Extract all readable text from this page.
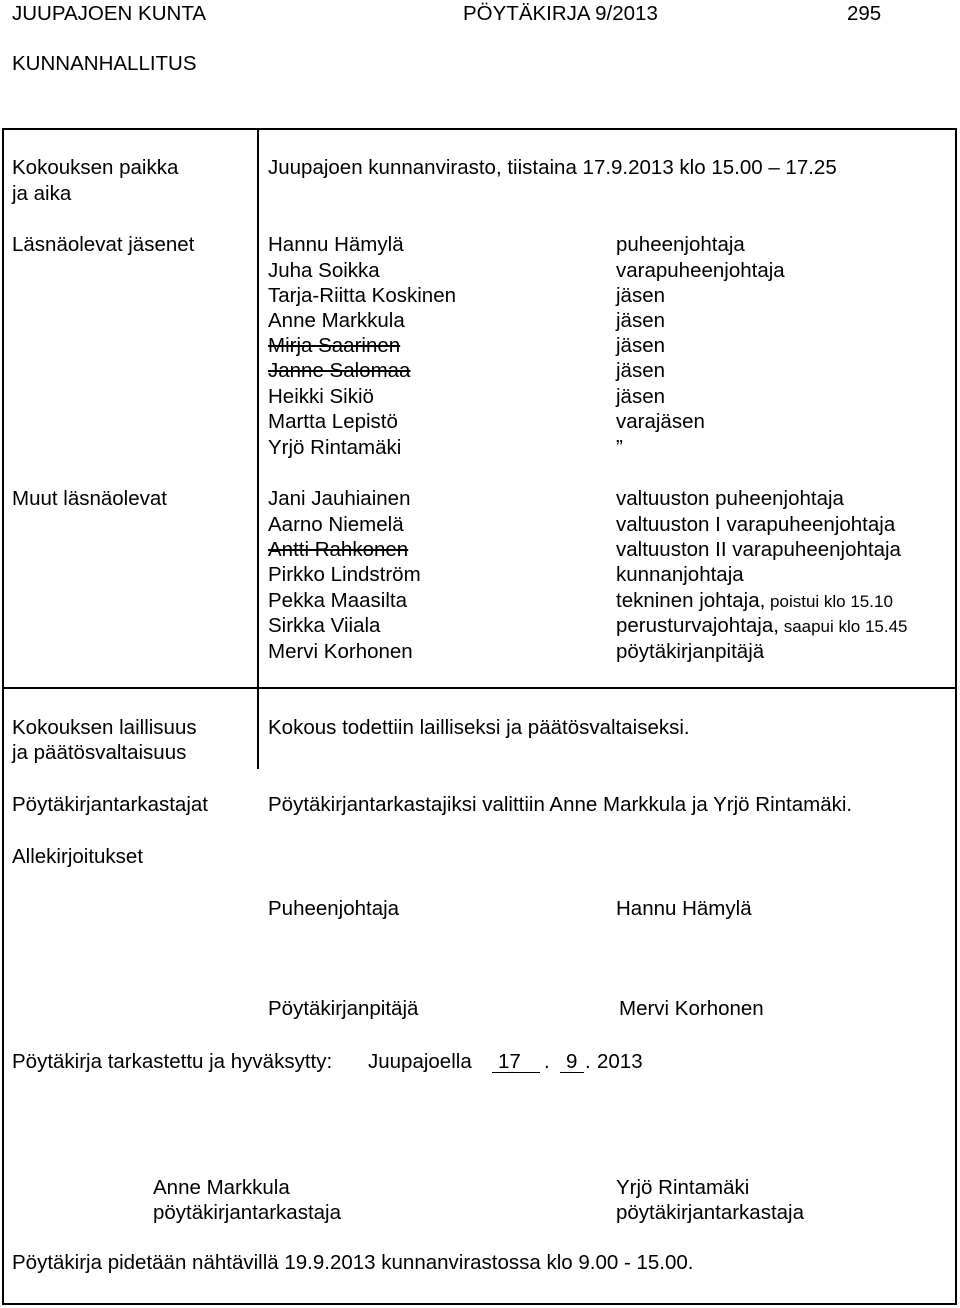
JUUPAJOEN KUNTA	PÖYTÄKIRJA 9/2013	295
KUNNANHALLITUS
Kokouksen paikka
ja aika
Juupajoen kunnanvirasto, tiistaina 17.9.2013 klo 15.00 – 17.25
Läsnäolevat jäsenet	Hannu Hämylä	puheenjohtaja
Juha Soikka	varapuheenjohtaja
Tarja-Riitta Koskinen	jäsen
Anne Markkula	jäsen
Mirja Saarinen	jäsen
Janne Salomaa	jäsen
Heikki Sikiö	jäsen
Martta Lepistö	varajäsen
Yrjö Rintamäki	”
Muut läsnäolevat	Jani Jauhiainen	valtuuston puheenjohtaja
Aarno Niemelä	valtuuston I varapuheenjohtaja
Antti Rahkonen	valtuuston II varapuheenjohtaja
Pirkko Lindström	kunnanjohtaja
Pekka Maasilta	tekninen johtaja, poistui klo 15.10
Sirkka Viiala	perusturvajohtaja, saapui klo 15.45
Mervi Korhonen	pöytäkirjanpitäjä
Kokouksen laillisuus
ja päätösvaltaisuus
Kokous todettiin lailliseksi ja päätösvaltaiseksi.
Pöytäkirjantarkastajat	Pöytäkirjantarkastajiksi valittiin Anne Markkula ja Yrjö Rintamäki.
Allekirjoitukset
Puheenjohtaja	Hannu Hämylä
Pöytäkirjanpitäjä	Mervi Korhonen
Pöytäkirja tarkastettu ja hyväksytty: Juupajoella 17	. 9 . 2013
Anne Markkula
pöytäkirjantarkastaja
Yrjö Rintamäki
pöytäkirjantarkastaja
Pöytäkirja pidetään nähtävillä 19.9.2013 kunnanvirastossa klo 9.00 - 15.00.
